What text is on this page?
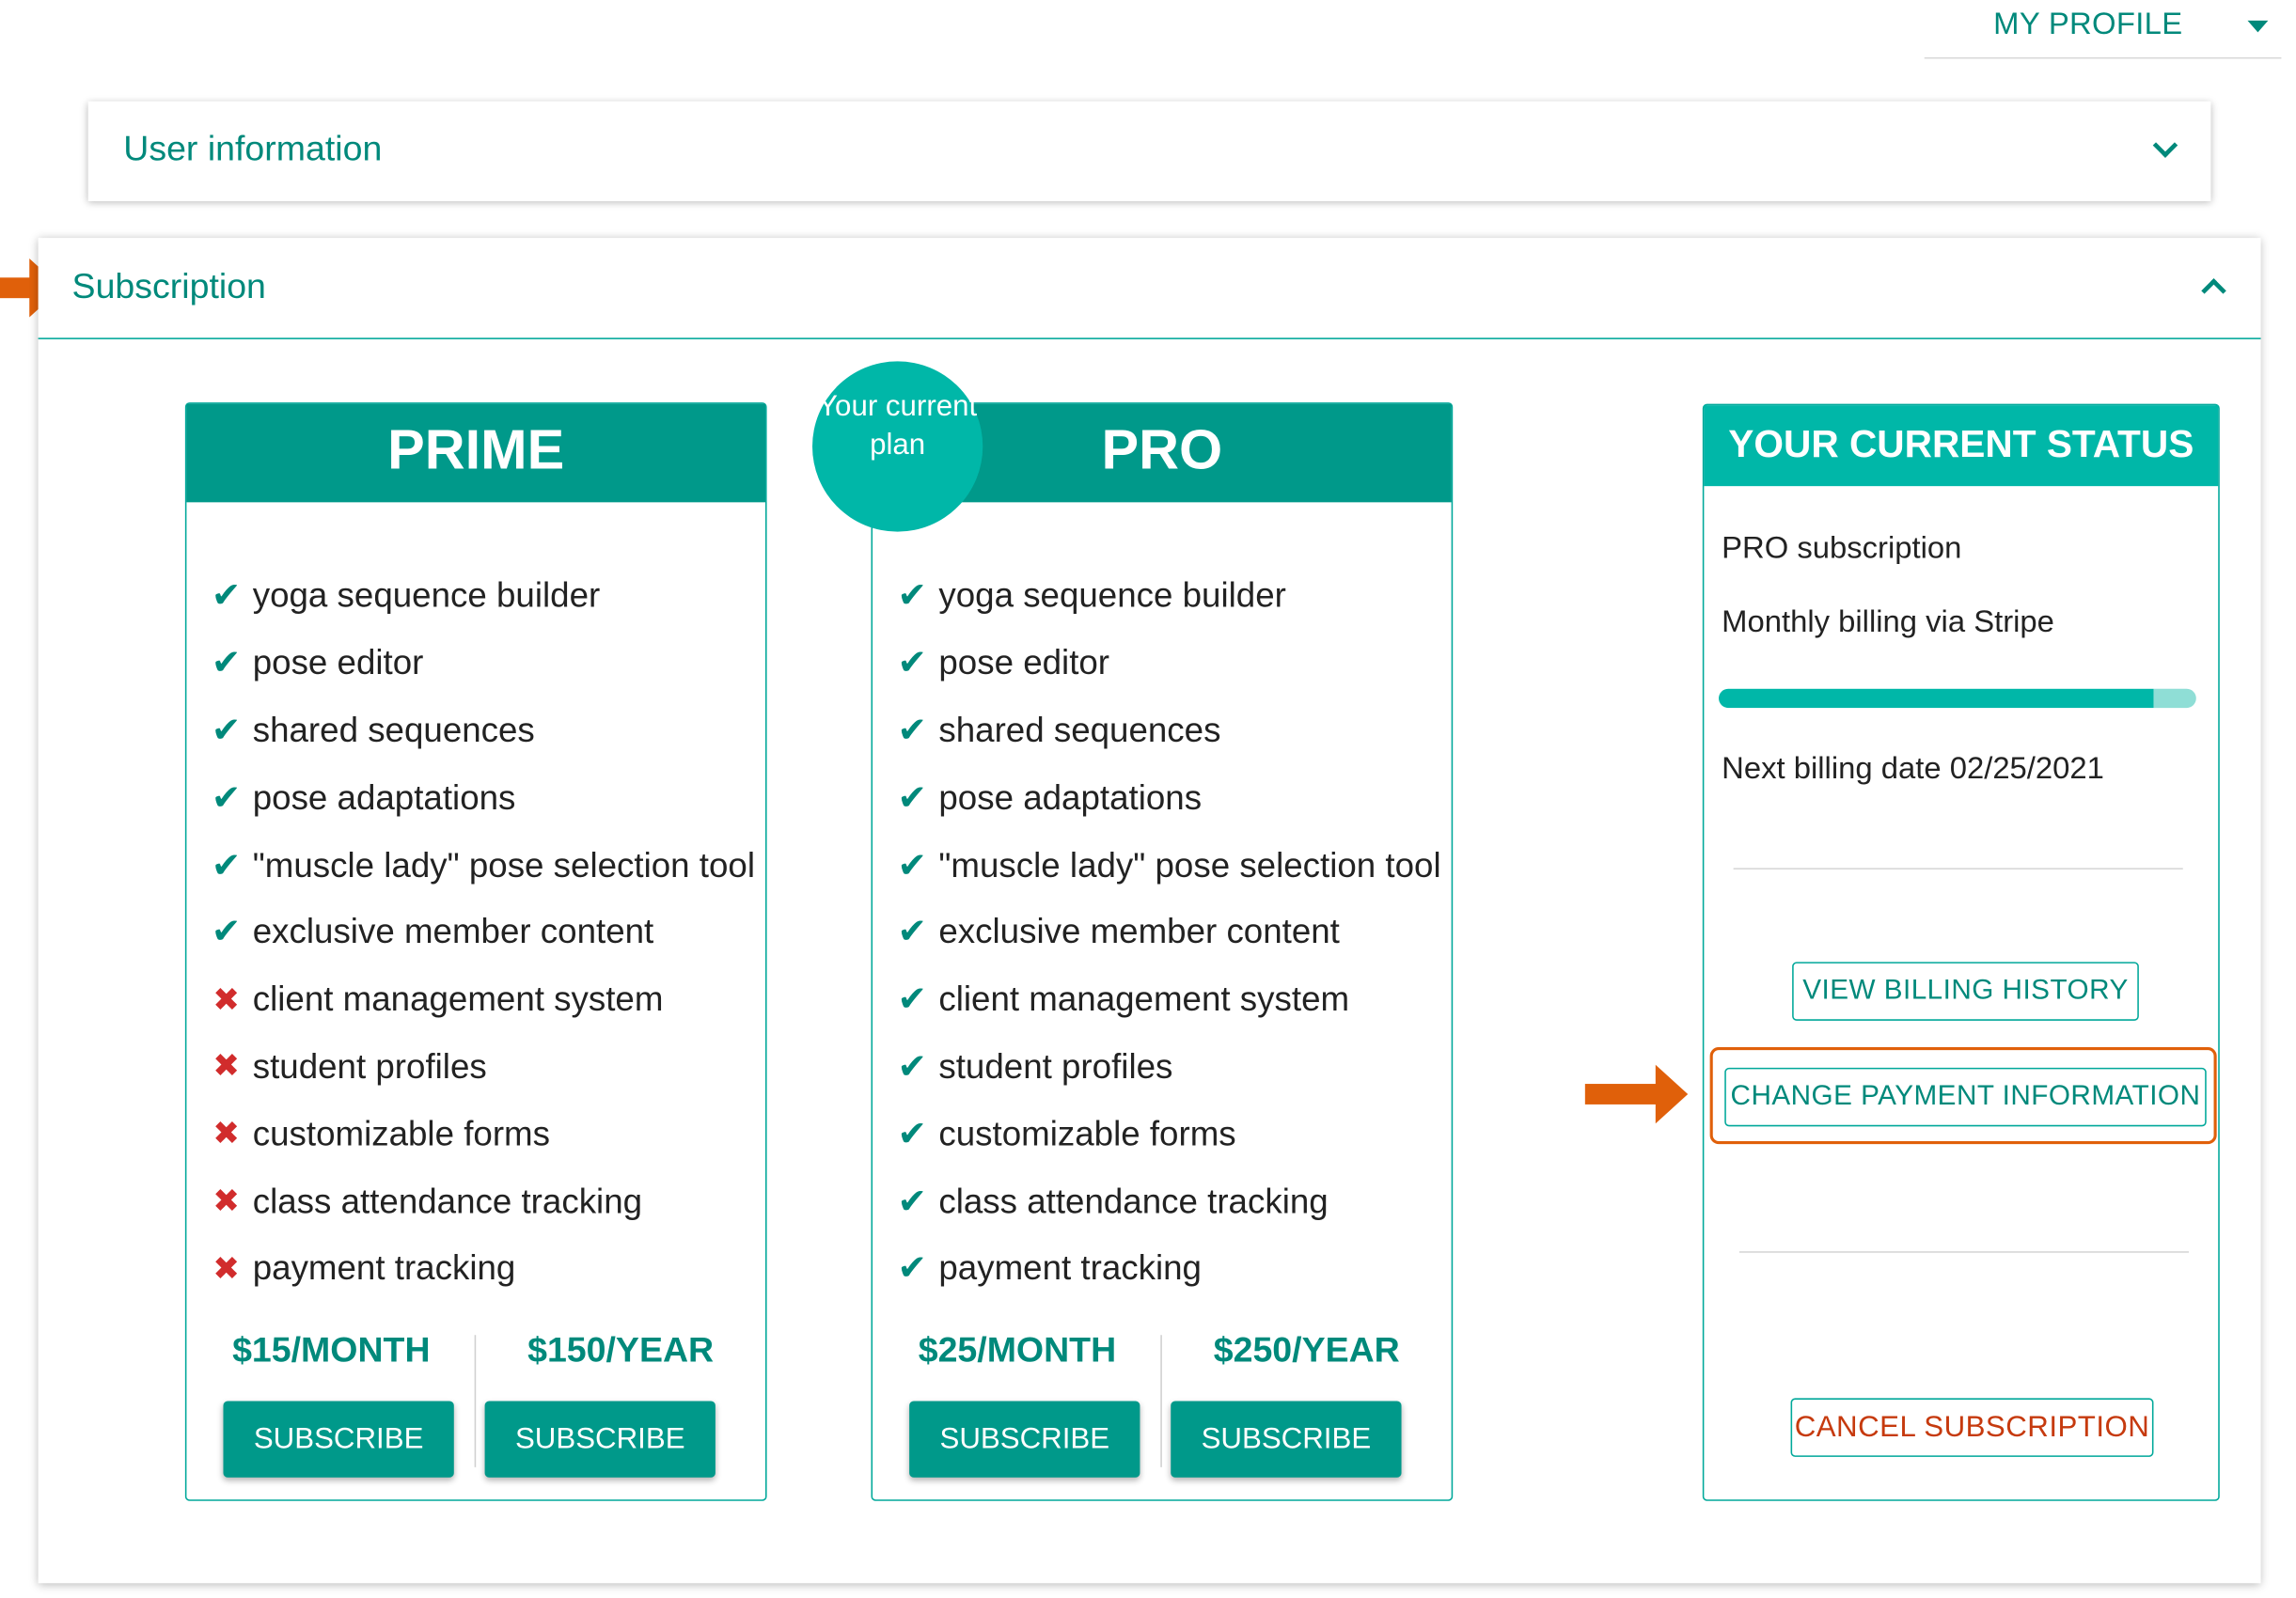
MY PROFILE
User information
Subscription
PRIME
✔ yoga sequence builder
✔ pose editor
✔ shared sequences
✔ pose adaptations
✔ "muscle lady" pose selection tool
✔ exclusive member content
✖ client management system
✖ student profiles
✖ customizable forms
✖ class attendance tracking
✖ payment tracking
$15/MONTH
SUBSCRIBE
$150/YEAR
SUBSCRIBE
PRO
✔ yoga sequence builder
✔ pose editor
✔ shared sequences
✔ pose adaptations
✔ "muscle lady" pose selection tool
✔ exclusive member content
✔ client management system
✔ student profiles
✔ customizable forms
✔ class attendance tracking
✔ payment tracking
$25/MONTH
SUBSCRIBE
$250/YEAR
SUBSCRIBE
Your current plan	YOUR CURRENT STATUS
PRO subscription
Monthly billing via Stripe
Next billing date 02/25/2021
VIEW BILLING HISTORY
CHANGE PAYMENT INFORMATION
CANCEL SUBSCRIPTION
